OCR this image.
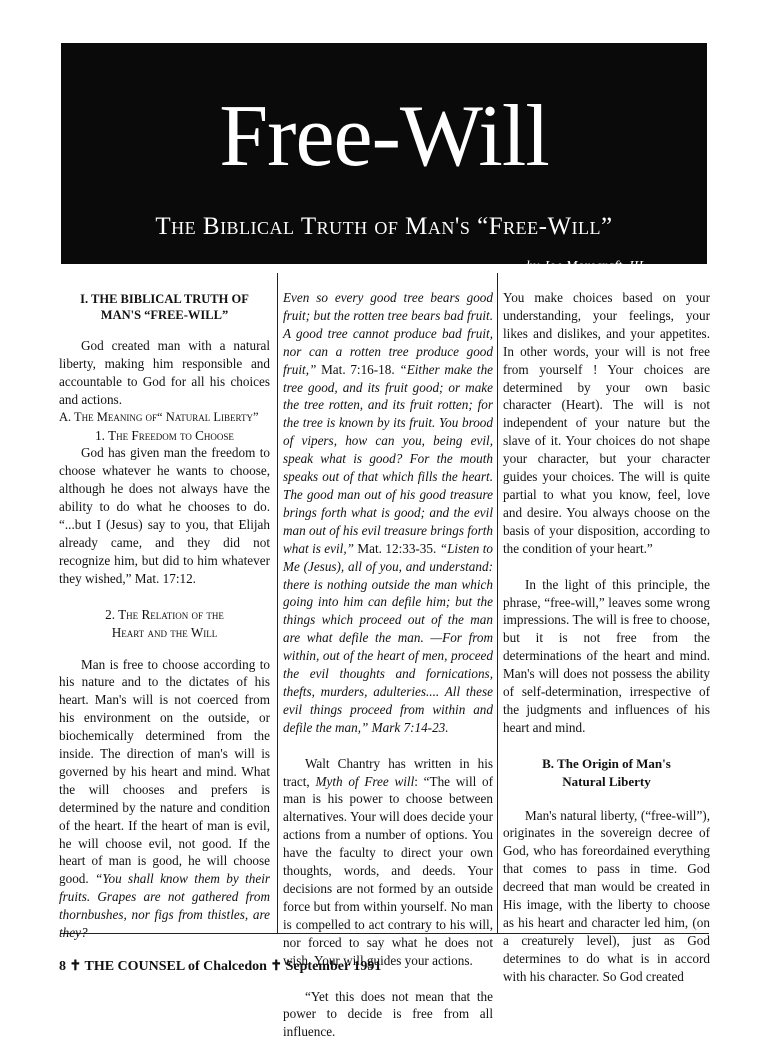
Free-Will
The Biblical Truth of Man's “Free-Will”
by Joe Morecraft, III
I. THE BIBLICAL TRUTH OF MAN'S “FREE-WILL”

God created man with a natural liberty, making him responsible and accountable to God for all his choices and actions.

A. The Meaning of“ Natural Liberty”

1. The Freedom to Choose

God has given man the freedom to choose whatever he wants to choose, although he does not always have the ability to do what he chooses to do. “...but I (Jesus) say to you, that Elijah already came, and they did not recognize him, but did to him whatever they wished,” Mat. 17:12.

2. The Relation of the

Heart and the Will

Man is free to choose according to his nature and to the dictates of his heart. Man's will is not coerced from his environment on the outside, or biochemically determined from the inside. The direction of man's will is governed by his heart and mind. What the will chooses and prefers is determined by the nature and condition of the heart. If the heart of man is evil, he will choose evil, not good. If the heart of man is good, he will choose good. “You shall know them by their fruits. Grapes are not gathered from thornbushes, nor figs from thistles, are they?

Even so every good tree bears good fruit; but the rotten tree bears bad fruit. A good tree cannot produce bad fruit, nor can a rotten tree produce good fruit,” Mat. 7:16-18. “Either make the tree good, and its fruit good; or make the tree rotten, and its fruit rotten; for the tree is known by its fruit. You brood of vipers, how can you, being evil, speak what is good? For the mouth speaks out of that which fills the heart. The good man out of his good treasure brings forth what is good; and the evil man out of his evil treasure brings forth what is evil,” Mat. 12:33-35. “Listen to Me (Jesus), all of you, and understand: there is nothing outside the man which going into him can defile him; but the things which proceed out of the man are what defile the man. —For from within, out of the heart of men, proceed the evil thoughts and fornications, thefts, murders, adulteries.... All these evil things proceed from within and defile the man,” Mark 7:14-23.

Walt Chantry has written in his tract, Myth of Free will: “The will of man is his power to choose between alternatives. Your will does decide your actions from a number of options. You have the faculty to direct your own thoughts, words, and deeds. Your decisions are not formed by an outside force but from within yourself. No man is compelled to act contrary to his will, nor forced to say what he does not wish. Your will guides your actions.

“Yet this does not mean that the power to decide is free from all influence.

You make choices based on your understanding, your feelings, your likes and dislikes, and your appetites. In other words, your will is not free from yourself ! Your choices are determined by your own basic character (Heart). The will is not independent of your nature but the slave of it. Your choices do not shape your character, but your character guides your choices. The will is quite partial to what you know, feel, love and desire. You always choose on the basis of your disposition, according to the condition of your heart.”

In the light of this principle, the phrase, “free-will,” leaves some wrong impressions. The will is free to choose, but it is not free from the determinations of the heart and mind. Man's will does not possess the ability of self-determination, irrespective of the judgments and influences of his heart and mind.

B. The Origin of Man's

Natural Liberty

Man's natural liberty, (“free-will”), originates in the sovereign decree of God, who has foreordained everything that comes to pass in time. God decreed that man would be created in His image, with the liberty to choose as his heart and character led him, (on a creaturely level), just as God determines to do what is in accord with his character. So God created

8 ✝ THE COUNSEL of Chalcedon ✝ September 1991
